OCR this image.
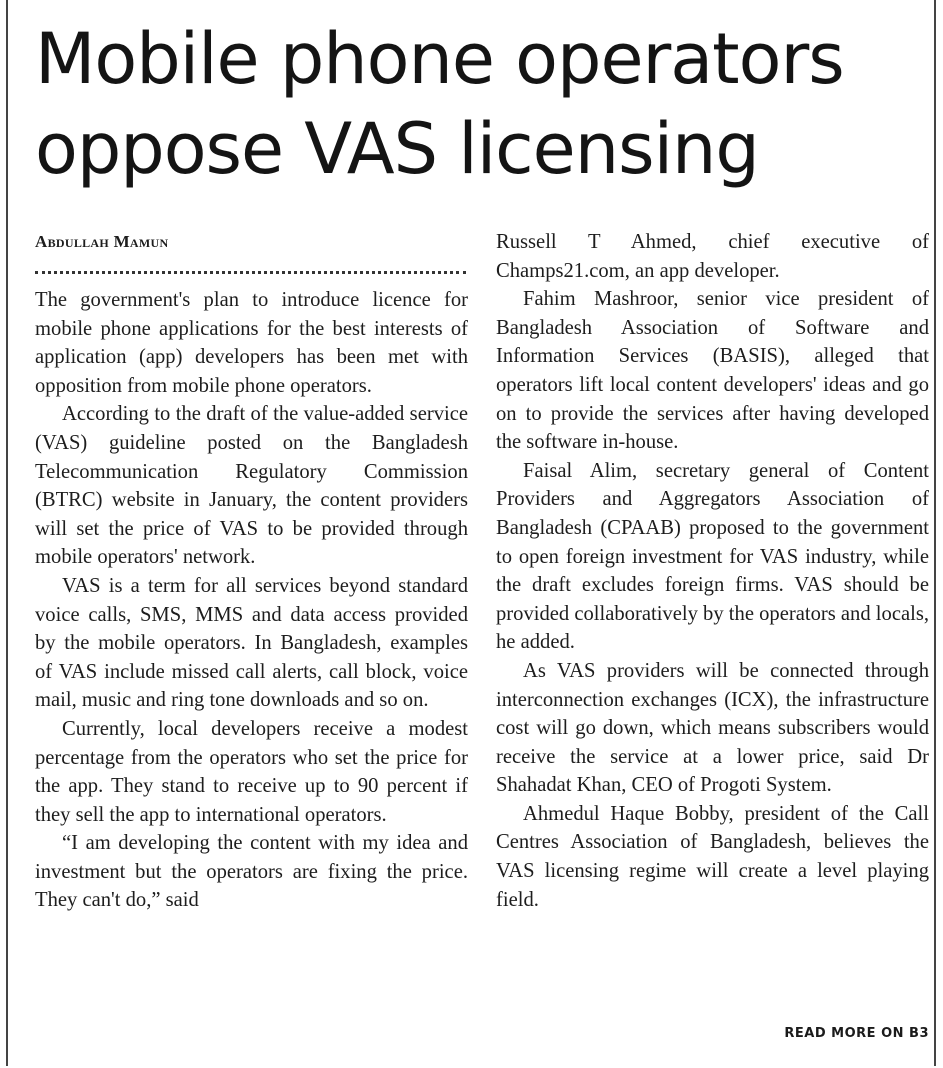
Mobile phone operators oppose VAS licensing
Abdullah Mamun

The government's plan to introduce licence for mobile phone applications for the best interests of application (app) developers has been met with opposition from mobile phone operators.

According to the draft of the value-added service (VAS) guideline posted on the Bangladesh Telecommunication Regulatory Commission (BTRC) website in January, the content providers will set the price of VAS to be provided through mobile operators' network.

VAS is a term for all services beyond standard voice calls, SMS, MMS and data access provided by the mobile operators. In Bangladesh, examples of VAS include missed call alerts, call block, voice mail, music and ring tone downloads and so on.

Currently, local developers receive a modest percentage from the operators who set the price for the app. They stand to receive up to 90 percent if they sell the app to international operators.

“I am developing the content with my idea and investment but the operators are fixing the price. They can't do,” said

Russell T Ahmed, chief executive of Champs21.com, an app developer.

Fahim Mashroor, senior vice president of Bangladesh Association of Software and Information Services (BASIS), alleged that operators lift local content developers' ideas and go on to provide the services after having developed the software in-house.

Faisal Alim, secretary general of Content Providers and Aggregators Association of Bangladesh (CPAAB) proposed to the government to open foreign investment for VAS industry, while the draft excludes foreign firms. VAS should be provided collaboratively by the operators and locals, he added.

As VAS providers will be connected through interconnection exchanges (ICX), the infrastructure cost will go down, which means subscribers would receive the service at a lower price, said Dr Shahadat Khan, CEO of Progoti System.

Ahmedul Haque Bobby, president of the Call Centres Association of Bangladesh, believes the VAS licensing regime will create a level playing field.

READ MORE ON B3
